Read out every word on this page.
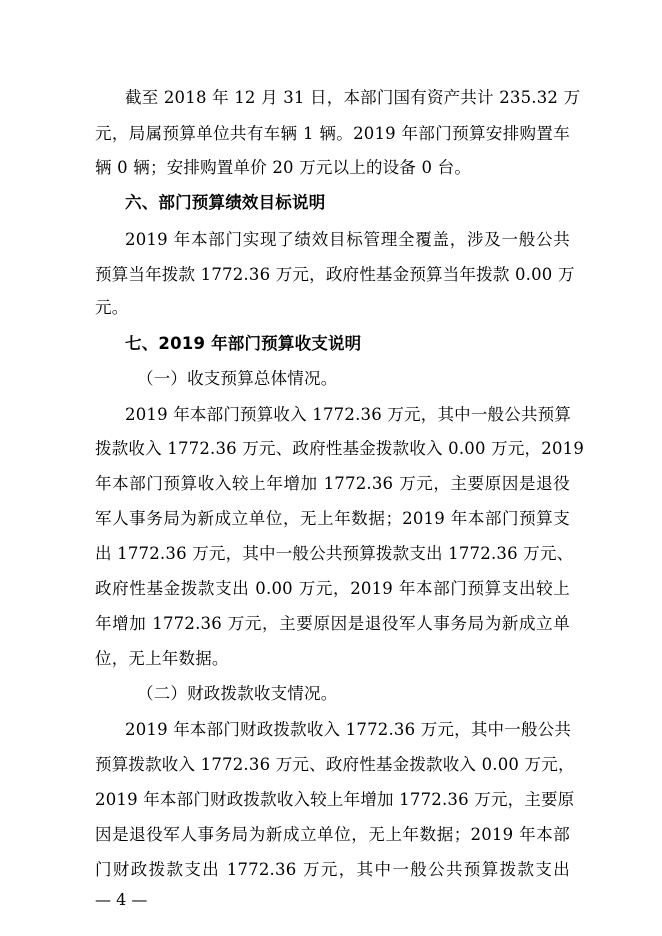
截至 2018 年 12 月 31 日，本部门国有资产共计 235.32 万
元，局属预算单位共有车辆 1 辆。2019 年部门预算安排购置车
辆 0 辆；安排购置单价 20 万元以上的设备 0 台。
六、部门预算绩效目标说明
2019 年本部门实现了绩效目标管理全覆盖，涉及一般公共
预算当年拨款 1772.36 万元，政府性基金预算当年拨款 0.00 万
元。
七、2019 年部门预算收支说明
（一）收支预算总体情况。
2019 年本部门预算收入 1772.36 万元，其中一般公共预算
拨款收入 1772.36 万元、政府性基金拨款收入 0.00 万元，2019
年本部门预算收入较上年增加 1772.36 万元，主要原因是退役
军人事务局为新成立单位，无上年数据；2019 年本部门预算支
出 1772.36 万元，其中一般公共预算拨款支出 1772.36 万元、
政府性基金拨款支出 0.00 万元，2019 年本部门预算支出较上
年增加 1772.36 万元，主要原因是退役军人事务局为新成立单
位，无上年数据。
（二）财政拨款收支情况。
2019 年本部门财政拨款收入 1772.36 万元，其中一般公共
预算拨款收入 1772.36 万元、政府性基金拨款收入 0.00 万元，
2019 年本部门财政拨款收入较上年增加 1772.36 万元，主要原
因是退役军人事务局为新成立单位，无上年数据；2019 年本部
门财政拨款支出 1772.36 万元，其中一般公共预算拨款支出
— 4 —
